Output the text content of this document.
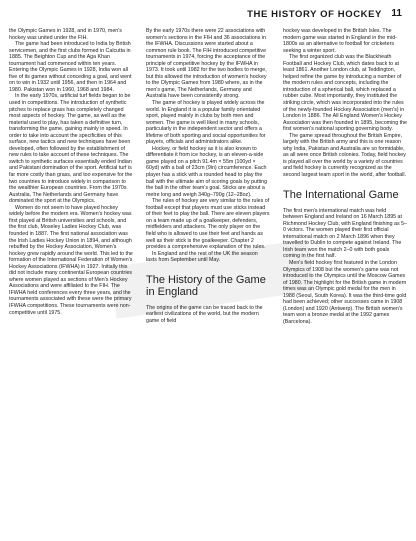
THE HISTORY OF HOCKEY 11

the Olympic Games in 1928, and in 1970, men's hockey was united under the FIH.

The game had been introduced to India by British servicemen, and the first clubs formed in Calcutta in 1885. The Beighton Cup and the Aga Khan tournament had commenced within ten years. Entering the Olympic Games in 1928, India won all five of its games without conceding a goal, and went on to win in 1932 until 1956, and then in 1964 and 1980. Pakistan won in 1960, 1968 and 1984.

In the early 1970s, artificial turf fields began to be used in competitions. The introduction of synthetic pitches to replace grass has completely changed most aspects of hockey. The game, as well as the material used to play, has taken a definitive turn, transforming the game, gaining mainly in speed. In order to take into account the specificities of this surface, new tactics and new techniques have been developed, often followed by the establishment of new rules to take account of these techniques. The switch to synthetic surfaces essentially ended Indian and Pakistani domination of the sport. Artificial turf is far more costly than grass, and too expensive for the two countries to introduce widely in comparison to the wealthier European countries. From the 1970s Australia, The Netherlands and Germany have dominated the sport at the Olympics.

Women do not seem to have played hockey widely before the modern era. Women's hockey was first played at British universities and schools, and the first club, Moseley Ladies Hockey Club, was founded in 1887. The first national association was the Irish Ladies Hockey Union in 1894, and although rebuffed by the Hockey Association, Women's hockey grew rapidly around the world. This led to the formation of the International Federation of Women's Hockey Associations (IFWHA) in 1927. Initially this did not include many continental European countries where women played as sections of Men's Hockey Associations and were affiliated to the FIH. The IFWHA held conferences every three years, and the tournaments associated with these were the primary IFWHA competitions. These tournaments were non-competitive until 1975.

By the early 1970s there were 22 associations with women's sections in the FIH and 36 associations in the IFWHA. Discussions were started about a common rule book. The FIH introduced competitive tournaments in 1974, forcing the acceptance of the principle of competitive hockey by the IFWHA in 1973. It took until 1982 for the two bodies to merge, but this allowed the introduction of women's hockey to the Olympic Games from 1980 where, as in the men's game, The Netherlands, Germany and Australia have been consistently strong.

The game of hockey is played widely across the world. In England it is a popular family orientated sport, played mainly in clubs by both men and women. The game is well liked in many schools, particularly in the independent sector and offers a lifetime of both sporting and social opportunities for players, officials and administrators alike.

Hockey, or field hockey as it is also known to differentiate it from ice hockey, is an eleven-a-side game played on a pitch 91.4m × 55m (100yd × 60yd) with a ball of 23cm (9in) circumference. Each player has a stick with a rounded head to play the ball with the ultimate aim of scoring goals by putting the ball in the other team's goal. Sticks are about a metre long and weigh 340g–790g (12–28oz).

The rules of hockey are very similar to the rules of football except that players must use sticks instead of their feet to play the ball. There are eleven players on a team made up of a goalkeeper, defenders, midfielders and attackers. The only player on the field who is allowed to use their feet and hands as well as their stick is the goalkeeper. Chapter 2 provides a comprehensive explanation of the rules.

In England and the rest of the UK the season lasts from September until May.

The History of the Game in England

The origins of the game can be traced back to the earliest civilizations of the world, but the modern game of field

hockey was developed in the British Isles. The modern game was started in England in the mid-1800s as an alternative to football for cricketers seeking a winter sport.

The first organized club was the Blackheath Football and Hockey Club, which dates back to at least 1861. Another London club, at Teddington, helped refine the game by introducing a number of the modern rules and concepts, including the introduction of a spherical ball, which replaced a rubber cube. Most importantly, they instituted the striking circle, which was incorporated into the rules of the newly-founded Hockey Association (men's) in London in 1886. The All England Women's Hockey Association was then founded in 1895, becoming the first women's national sporting governing body.

The game spread throughout the British Empire, largely with the British army and this is one reason why India, Pakistan and Australia are so formidable, as all were once British colonies. Today, field hockey is played all over the world by a variety of countries and field hockey is currently recognized as the second largest team sport in the world, after football.

The International Game

The first men's international match was held between England and Ireland on 16 March 1895 at Richmond Hockey Club, with England finishing as 5–0 victors. The women played their first official international match on 2 March 1896 when they travelled to Dublin to compete against Ireland. The Irish team won the match 2–0 with both goals coming in the first half.

Men's field hockey first featured in the London Olympics of 1908 but the women's game was not introduced to the Olympics until the Moscow Games of 1980. The highlight for the British game in modern times was an Olympic gold medal for the men in 1988 (Seoul, South Korea). It was the third-time gold had been achieved; other successes came in 1908 (London) and 1920 (Antwerp). The British women's team won a bronze medal at the 1992 games (Barcelona).
